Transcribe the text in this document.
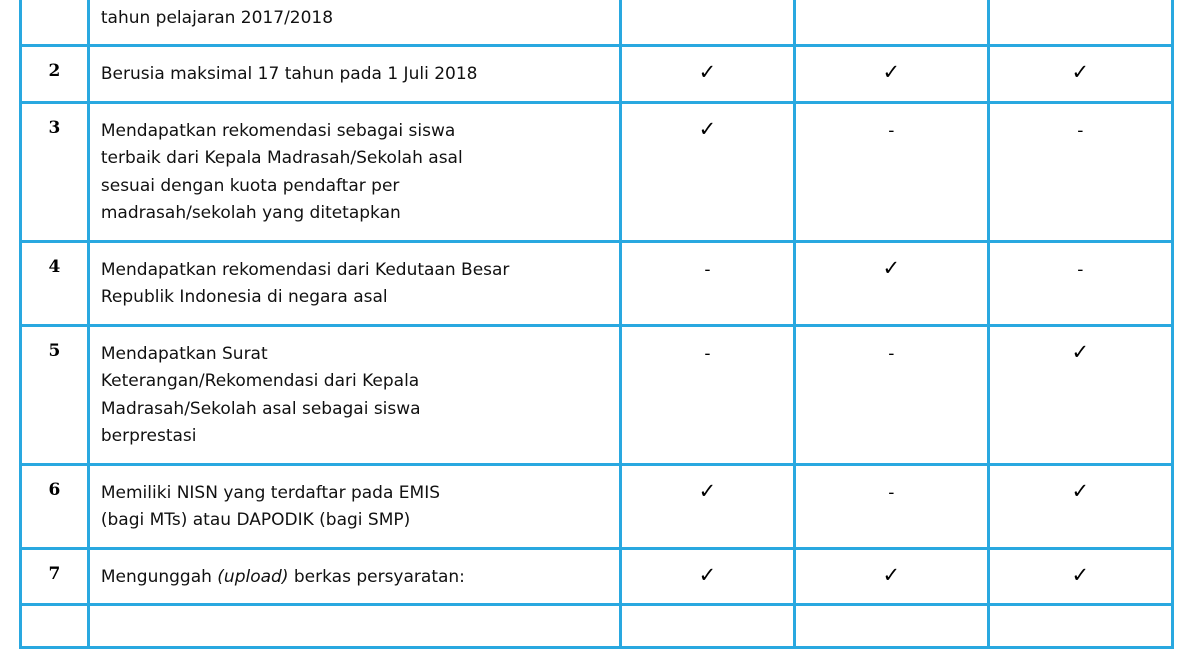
tahun pelajaran 2017/2018

2	Berusia maksimal 17 tahun pada 1 Juli 2018	✓	✓	✓
3	Mendapatkan rekomendasi sebagai siswa
terbaik dari Kepala Madrasah/Sekolah asal
sesuai dengan kuota pendaftar per
madrasah/sekolah yang ditetapkan	✓	-	-
4	Mendapatkan rekomendasi dari Kedutaan Besar
Republik Indonesia di negara asal	-	✓	-
5	Mendapatkan Surat
Keterangan/Rekomendasi dari Kepala
Madrasah/Sekolah asal sebagai siswa
berprestasi	-	-	✓
6	Memiliki NISN yang terdaftar pada EMIS
(bagi MTs) atau DAPODIK (bagi SMP)	✓	-	✓
7	Mengunggah (upload) berkas persyaratan:	✓	✓	✓
